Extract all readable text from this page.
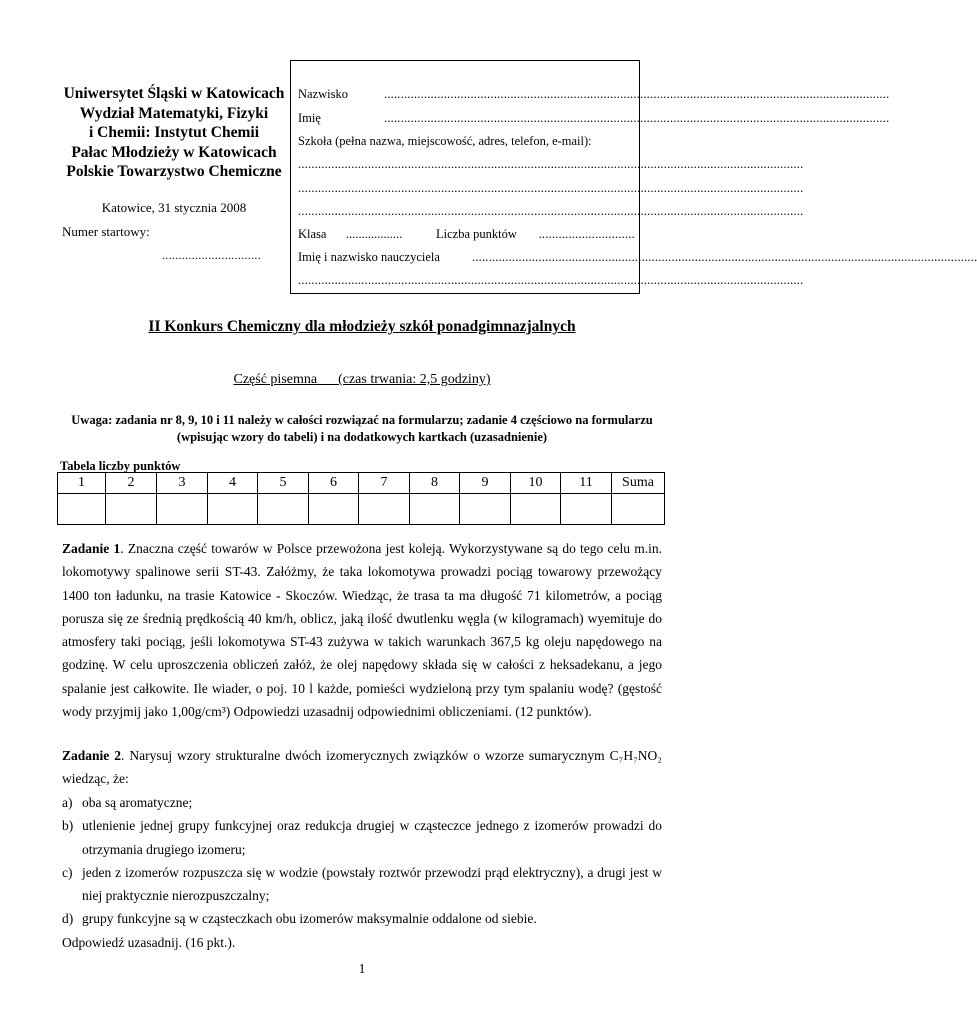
Uniwersytet Śląski w Katowicach
Wydział Matematyki, Fizyki
i Chemii: Instytut Chemii
Pałac Młodzieży w Katowicach
Polskie Towarzystwo Chemiczne
Katowice, 31 stycznia 2008
Numer startowy:
..............................
Nazwisko	........................................................................................................................................................
Imię	........................................................................................................................................................
Szkoła (pełna nazwa, miejscowość, adres, telefon, e-mail):
........................................................................................................................................................
........................................................................................................................................................
........................................................................................................................................................
Klasa	..................	Liczba punktów	.............................
Imię i nazwisko nauczyciela	........................................................................................................................................................
........................................................................................................................................................
II Konkurs Chemiczny dla młodzieży szkół ponadgimnazjalnych
Część pisemna (czas trwania: 2,5 godziny)
Uwaga: zadania nr 8, 9, 10 i 11 należy w całości rozwiązać na formularzu; zadanie 4 częściowo na formularzu (wpisując wzory do tabeli) i na dodatkowych kartkach (uzasadnienie)
Tabela liczby punktów
1	2	3	4	5	6	7	8	9	10	11	Suma

Zadanie 1. Znaczna część towarów w Polsce przewożona jest koleją. Wykorzystywane są do tego celu m.in. lokomotywy spalinowe serii ST-43. Załóżmy, że taka lokomotywa prowadzi pociąg towarowy przewożący 1400 ton ładunku, na trasie Katowice - Skoczów. Wiedząc, że trasa ta ma długość 71 kilometrów, a pociąg porusza się ze średnią prędkością 40 km/h, oblicz, jaką ilość dwutlenku węgla (w kilogramach) wyemituje do atmosfery taki pociąg, jeśli lokomotywa ST-43 zużywa w takich warunkach 367,5 kg oleju napędowego na godzinę. W celu uproszczenia obliczeń załóż, że olej napędowy składa się w całości z heksadekanu, a jego spalanie jest całkowite. Ile wiader, o poj. 10 l każde, pomieści wydzieloną przy tym spalaniu wodę? (gęstość wody przyjmij jako 1,00g/cm³) Odpowiedzi uzasadnij odpowiednimi obliczeniami. (12 punktów).
Zadanie 2. Narysuj wzory strukturalne dwóch izomerycznych związków o wzorze sumarycznym C₇H₇NO₂ wiedząc, że:
a) oba są aromatyczne;
b) utlenienie jednej grupy funkcyjnej oraz redukcja drugiej w cząsteczce jednego z izomerów prowadzi do otrzymania drugiego izomeru;
c) jeden z izomerów rozpuszcza się w wodzie (powstały roztwór przewodzi prąd elektryczny), a drugi jest w niej praktycznie nierozpuszczalny;
d) grupy funkcyjne są w cząsteczkach obu izomerów maksymalnie oddalone od siebie.
Odpowiedź uzasadnij. (16 pkt.).
1
